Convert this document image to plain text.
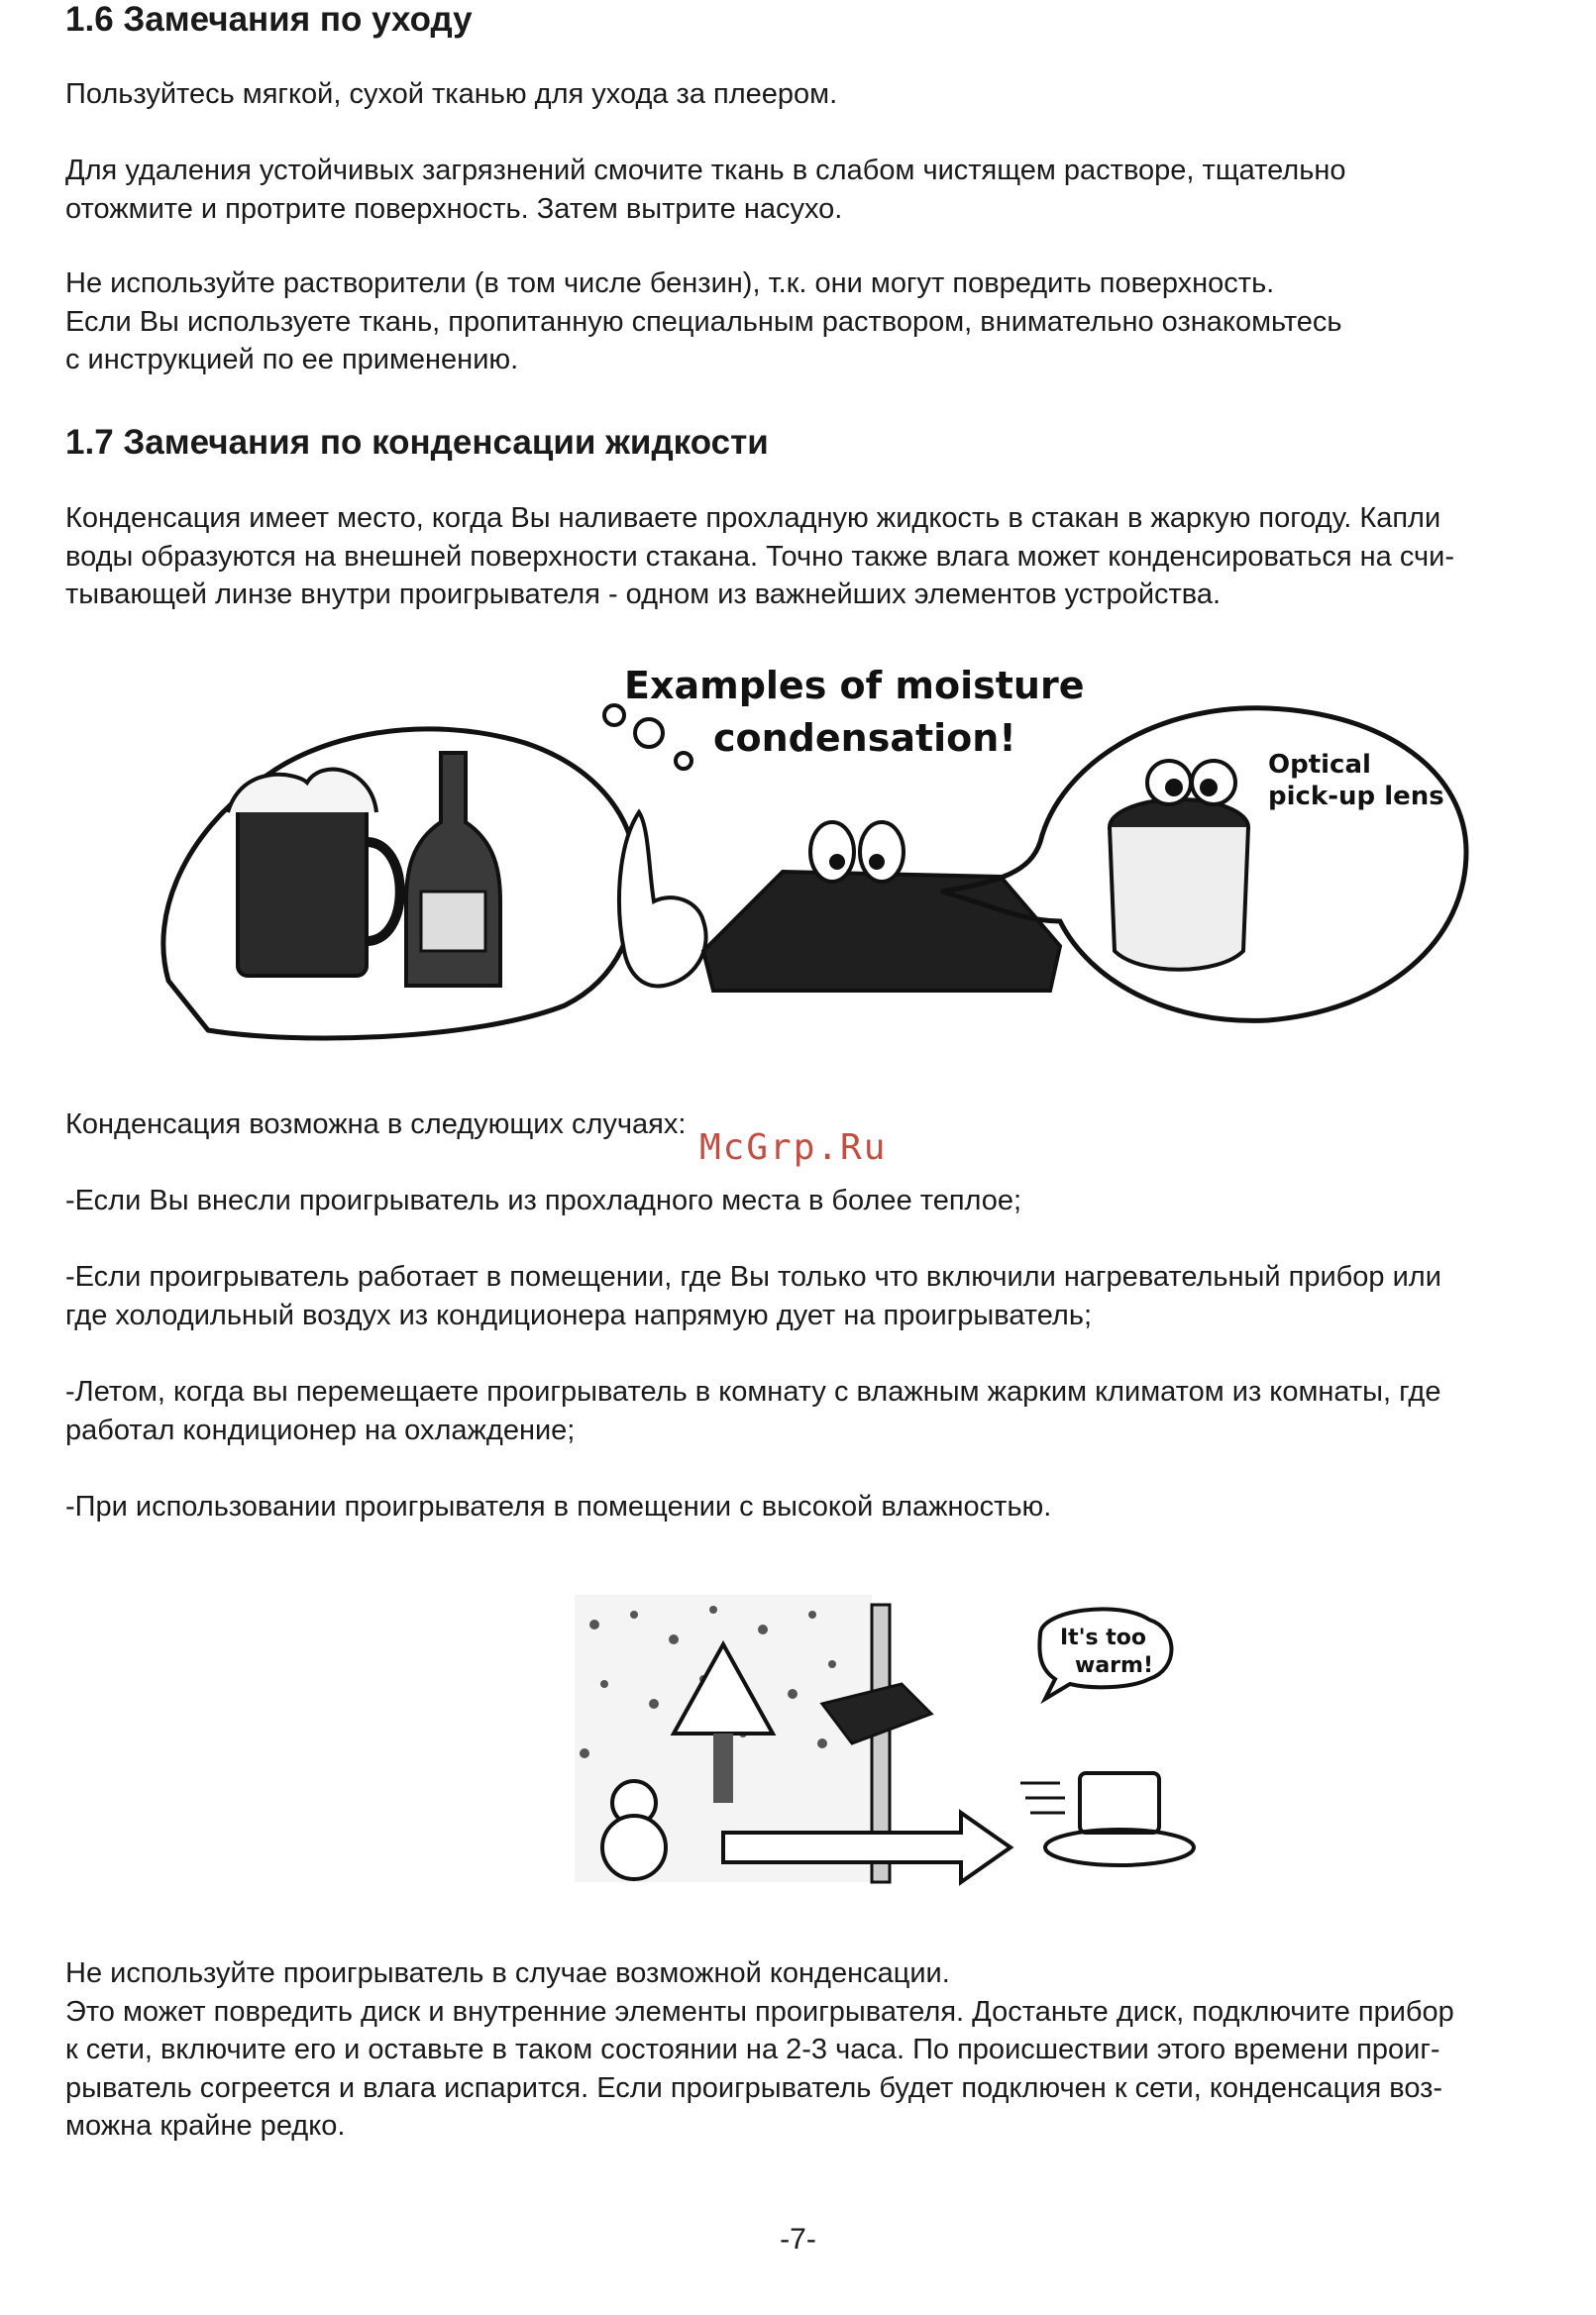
1.6 Замечания по уходу

Пользуйтесь мягкой, сухой тканью для ухода за плеером.

Для удаления устойчивых загрязнений смочите ткань в слабом чистящем растворе, тщательно

отожмите и протрите поверхность. Затем вытрите насухо.

Не используйте растворители (в том числе бензин), т.к. они могут повредить поверхность.

Если Вы используете ткань, пропитанную специальным раствором, внимательно ознакомьтесь

с инструкцией по ее применению.

1.7 Замечания по конденсации жидкости

Конденсация имеет место, когда Вы наливаете прохладную жидкость в стакан в жаркую погоду. Капли

воды образуются на внешней поверхности стакана. Точно также влага может конденсироваться на счи-

тывающей линзе внутри проигрывателя - одном из важнейших элементов устройства.

Examples of moisture
condensation!
Optical
pick-up lens

Конденсация возможна в следующих случаях:

-Если Вы внесли проигрыватель из прохладного места в более теплое;

-Если проигрыватель работает в помещении, где Вы только что включили нагревательный прибор или

где холодильный воздух из кондиционера напрямую дует на проигрыватель;

-Летом, когда вы перемещаете проигрыватель в комнату с влажным жарким климатом из комнаты, где

работал кондиционер на охлаждение;

-При использовании проигрывателя в помещении с высокой влажностью.

McGrp.Ru
It's too
warm!

Не используйте проигрыватель в случае возможной конденсации.

Это может повредить диск и внутренние элементы проигрывателя. Достаньте диск, подключите прибор

к сети, включите его и оставьте в таком состоянии на 2-3 часа. По происшествии этого времени проиг-

рыватель согреется и влага испарится. Если проигрыватель будет подключен к сети, конденсация воз-

можна крайне редко.

-7-
